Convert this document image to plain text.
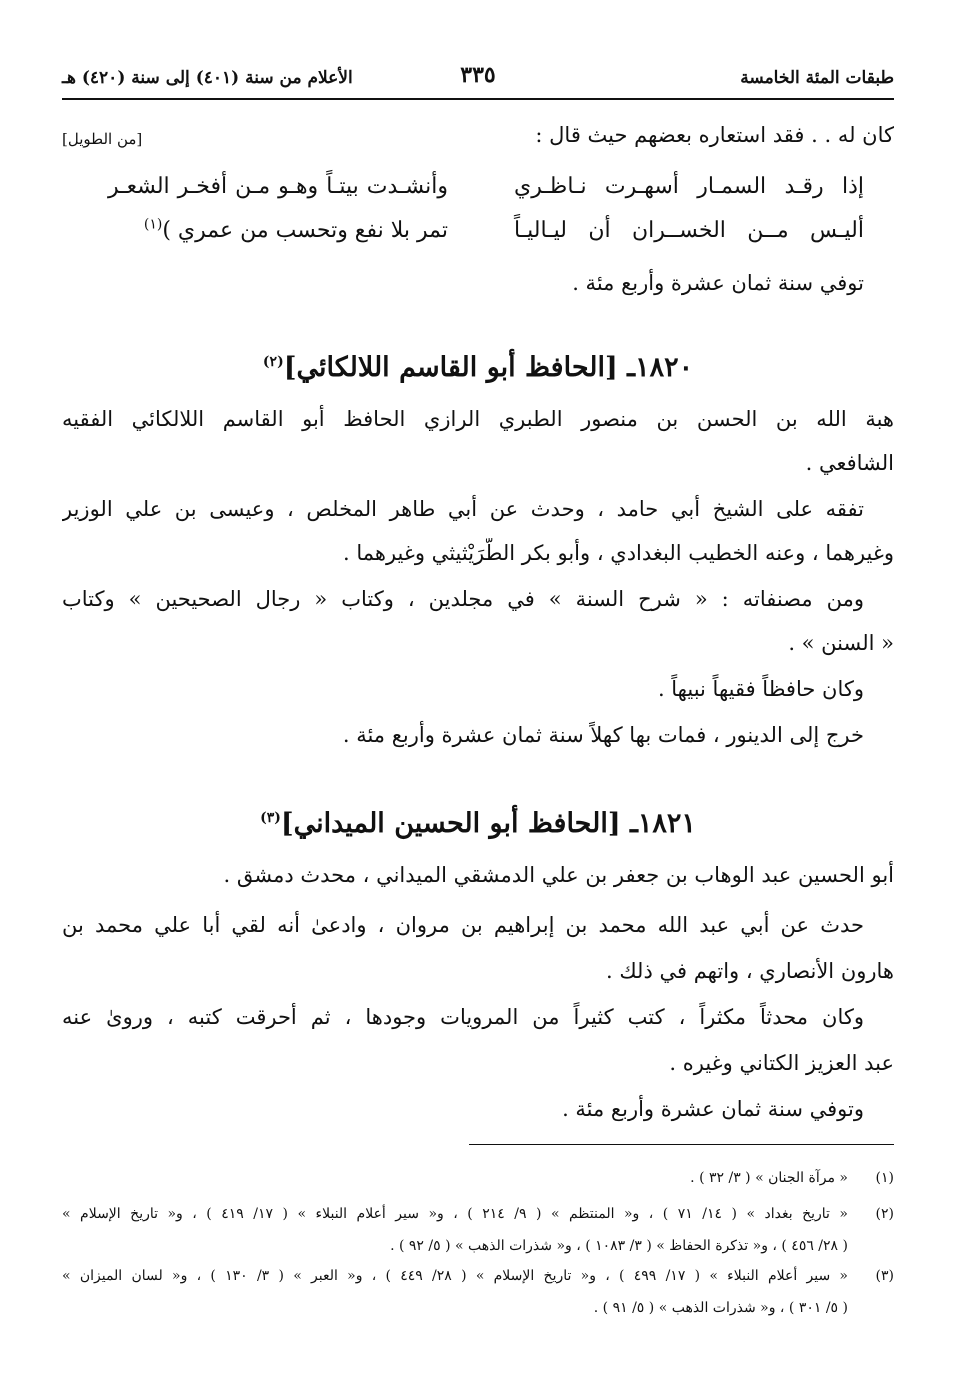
طبقات المئة الخامسة
٣٣٥
الأعلام من سنة (٤٠١) إلى سنة (٤٢٠) هـ
كان له . . فقد استعاره بعضهم حيث قال :
[من الطويل]
إذا رقـد السمـار أسهـرت نـاظـري
وأنشـدت بيتـاً وهـو مـن أفخـر الشعـر
أليـس مــن الخســران أن ليـاليـاً
تمر بلا نفع وتحسب من عمري )$^{(١)}$
توفي سنة ثمان عشرة وأربع مئة .
١٨٢٠ـ [الحافظ أبو القاسم اللالكائي]$^{(٢)}$
هبة الله بن الحسن بن منصور الطبري الرازي الحافظ أبو القاسم اللالكائي الفقيه
الشافعي .
تفقه على الشيخ أبي حامد ، وحدث عن أبي طاهر المخلص ، وعيسى بن علي الوزير
وغيرهما ، وعنه الخطيب البغدادي ، وأبو بكر الطُّرَيْثيثي وغيرهما .
ومن مصنفاته : « شرح السنة » في مجلدين ، وكتاب « رجال الصحيحين » وكتاب
« السنن » .
وكان حافظاً فقيهاً نبيهاً .
خرج إلى الدينور ، فمات بها كهلاً سنة ثمان عشرة وأربع مئة .
١٨٢١ـ [الحافظ أبو الحسين الميداني]$^{(٣)}$
أبو الحسين عبد الوهاب بن جعفر بن علي الدمشقي الميداني ، محدث دمشق .
حدث عن أبي عبد الله محمد بن إبراهيم بن مروان ، وادعىٰ أنه لقي أبا علي محمد بن
هارون الأنصاري ، واتهم في ذلك .
وكان محدثاً مكثراً ، كتب كثيراً من المرويات وجودها ، ثم أحرقت كتبه ، وروىٰ عنه
عبد العزيز الكتاني وغيره .
وتوفي سنة ثمان عشرة وأربع مئة .
(١)
« مرآة الجنان » ( ٣/ ٣٢ ) .
(٢)
« تاريخ بغداد » ( ١٤/ ٧١ ) ، و« المنتظم » ( ٩/ ٢١٤ ) ، و« سير أعلام النبلاء » ( ١٧/ ٤١٩ ) ، و« تاريخ الإسلام »
( ٢٨/ ٤٥٦ ) ، و« تذكرة الحفاظ » ( ٣/ ١٠٨٣ ) ، و« شذرات الذهب » ( ٥/ ٩٢ ) .
(٣)
« سير أعلام النبلاء » ( ١٧/ ٤٩٩ ) ، و« تاريخ الإسلام » ( ٢٨/ ٤٤٩ ) ، و« العبر » ( ٣/ ١٣٠ ) ، و« لسان الميزان »
( ٥/ ٣٠١ ) ، و« شذرات الذهب » ( ٥/ ٩١ ) .
